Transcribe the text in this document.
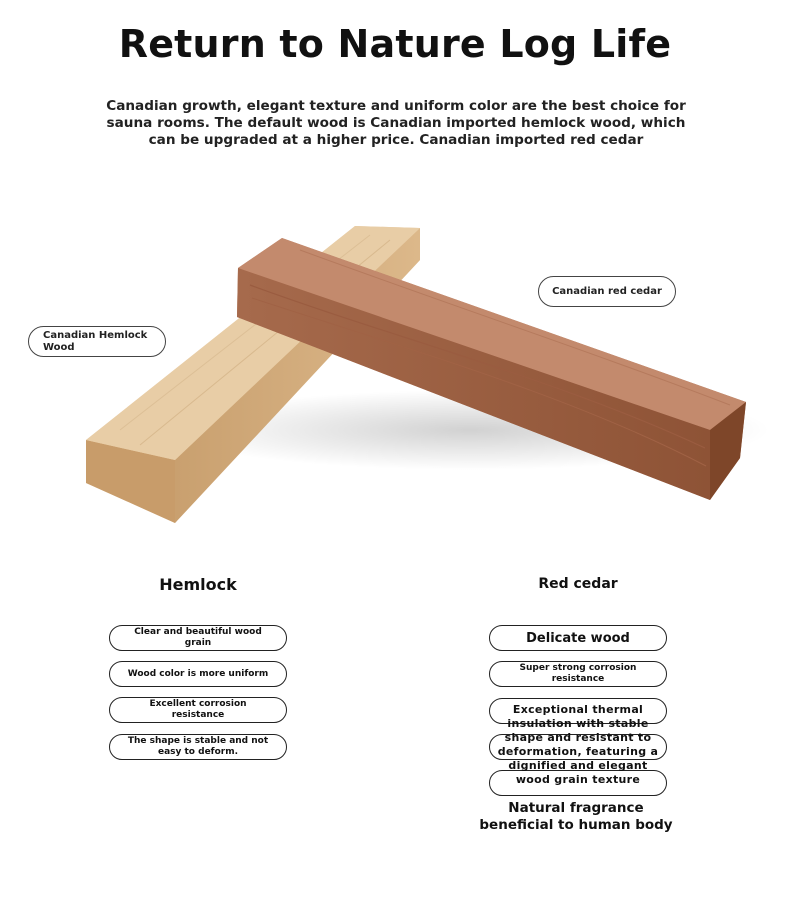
Return to Nature Log Life
Canadian growth, elegant texture and uniform color are the best choice for sauna rooms. The default wood is Canadian imported hemlock wood, which can be upgraded at a higher price. Canadian imported red cedar
Canadian Hemlock Wood
Canadian red cedar
Hemlock	Red cedar
Clear and beautiful wood grain
Wood color is more uniform
Excellent corrosion resistance
The shape is stable and not easy to deform.
Delicate wood
Super strong corrosion resistance
Exceptional thermal insulation with stable shape and resistant to deformation, featuring a dignified and elegant wood grain texture
Natural fragrance beneficial to human body
